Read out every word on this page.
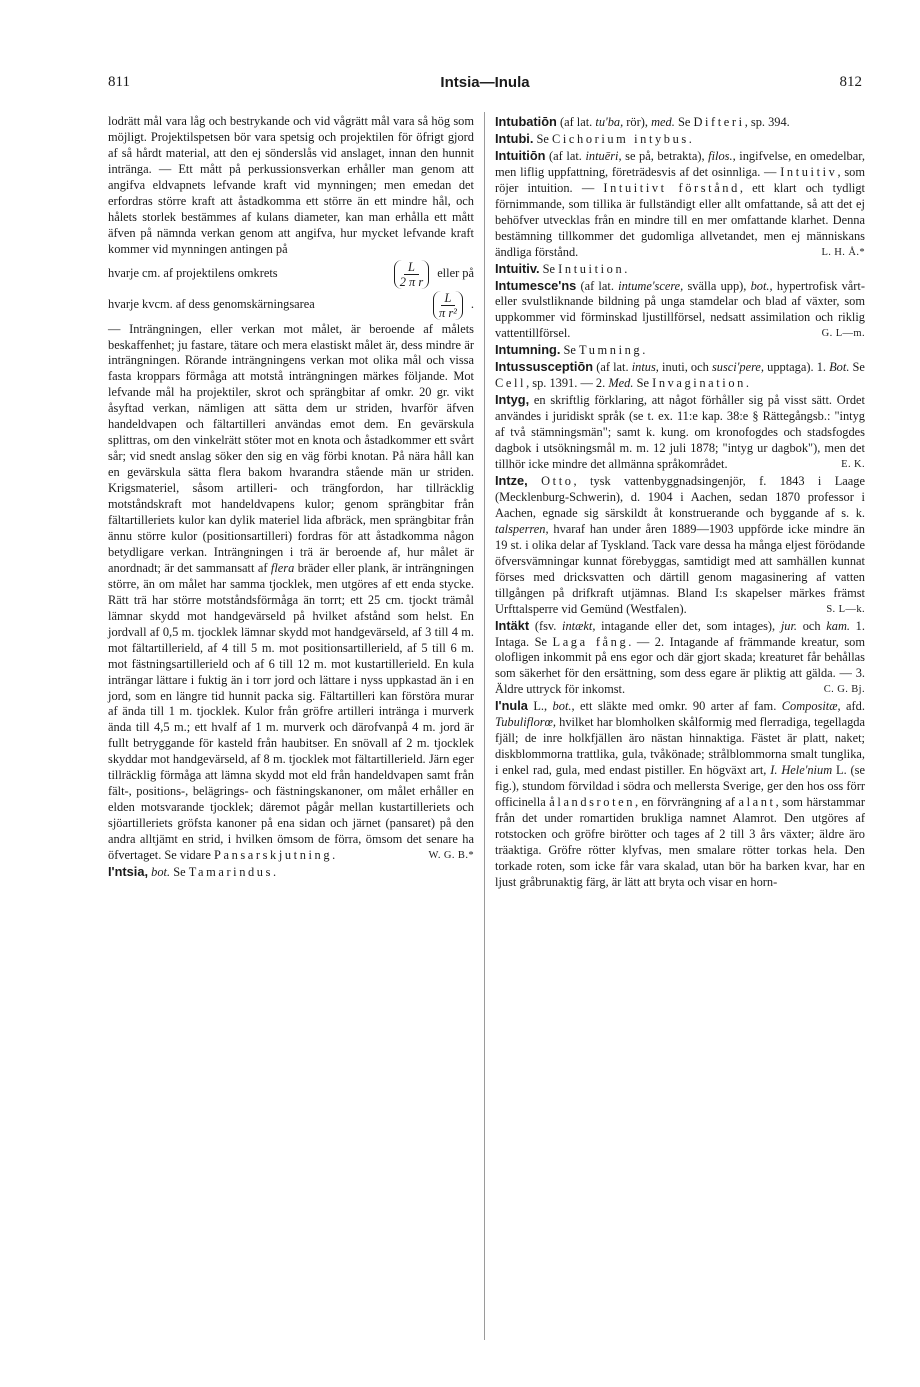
811	Intsia—Inula	812

lodrätt mål vara låg och bestrykande och vid vågrätt mål vara så hög som möjligt. Projektilspetsen bör vara spetsig och projektilen för öfrigt gjord af så hårdt material, att den ej sönderslås vid anslaget, innan den hunnit intränga. — Ett mått på perkussionsverkan erhåller man genom att angifva eldvapnets lefvande kraft vid mynningen; men emedan det erfordras större kraft att åstadkomma ett större än ett mindre hål, och hålets storlek bestämmes af kulans diameter, kan man erhålla ett mått äfven på nämnda verkan genom att angifva, hur mycket lefvande kraft kommer vid mynningen antingen på

hvarje cm. af projektilens omkrets	$\frac{L}{\text{2 π r}}$ eller på
hvarje kvcm. af dess genomskärningsarea	$\frac{L}{\text{π r²}}$ .

— Inträngningen, eller verkan mot målet, är beroende af målets beskaffenhet; ju fastare, tätare och mera elastiskt målet är, dess mindre är inträngningen. Rörande inträngningens verkan mot olika mål och vissa fasta kroppars förmåga att motstå inträngningen märkes följande. Mot lefvande mål ha projektiler, skrot och sprängbitar af omkr. 20 gr. vikt åsyftad verkan, nämligen att sätta dem ur striden, hvarför äfven handeldvapen och fältartilleri användas emot dem. En gevärskula splittras, om den vinkelrätt stöter mot en knota och åstadkommer ett svårt sår; vid snedt anslag söker den sig en väg förbi knotan. På nära håll kan en gevärskula sätta flera bakom hvarandra stående män ur striden. Krigsmateriel, såsom artilleri- och trängfordon, har tillräcklig motståndskraft mot handeldvapens kulor; genom sprängbitar från fältartilleriets kulor kan dylik materiel lida afbräck, men sprängbitar från ännu större kulor (positionsartilleri) fordras för att åstadkomma någon betydligare verkan. Inträngningen i trä är beroende af, hur målet är anordnadt; är det sammansatt af flera bräder eller plank, är inträngningen större, än om målet har samma tjocklek, men utgöres af ett enda stycke. Rätt trä har större motståndsförmåga än torrt; ett 25 cm. tjockt trämål lämnar skydd mot handgevärseld på hvilket afstånd som helst. En jordvall af 0,5 m. tjocklek lämnar skydd mot handgevärseld, af 3 till 4 m. mot fältartillerield, af 4 till 5 m. mot positionsartillerield, af 5 till 6 m. mot fästningsartillerield och af 6 till 12 m. mot kustartillerield. En kula inträngar lättare i fuktig än i torr jord och lättare i nyss uppkastad än i en jord, som en längre tid hunnit packa sig. Fältartilleri kan förstöra murar af ända till 1 m. tjocklek. Kulor från gröfre artilleri intränga i murverk ända till 4,5 m.; ett hvalf af 1 m. murverk och därofvanpå 4 m. jord är fullt betryggande för kasteld från haubitser. En snövall af 2 m. tjocklek skyddar mot handgevärseld, af 8 m. tjocklek mot fältartillerield. Järn eger tillräcklig förmåga att lämna skydd mot eld från handeldvapen samt från fält-, positions-, belägrings- och fästningskanoner, om målet erhåller en elden motsvarande tjocklek; däremot pågår mellan kustartilleriets och sjöartilleriets gröfsta kanoner på ena sidan och järnet (pansaret) på den andra alltjämt en strid, i hvilken ömsom de förra, ömsom det senare ha öfvertaget. Se vidare Pansarskjutning.	W. G. B.*

I'ntsia, bot. Se Tamarindus.

Intubatiōn (af lat. tu'ba, rör), med. Se Difteri, sp. 394.

Intubi. Se Cichorium intybus.

Intuitiōn (af lat. intuēri, se på, betrakta), filos., ingifvelse, en omedelbar, men liflig uppfattning, företrädesvis af det osinnliga. — Intuitiv, som röjer intuition. — Intuitivt förstånd, ett klart och tydligt förnimmande, som tillika är fullständigt eller allt omfattande, så att det ej behöfver utvecklas från en mindre till en mer omfattande klarhet. Denna bestämning tillkommer det gudomliga allvetandet, men ej människans ändliga förstånd.	L. H. Å.*

Intuitiv. Se Intuition.

Intumesce'ns (af lat. intume'scere, svälla upp), bot., hypertrofisk vårt- eller svulstliknande bildning på unga stamdelar och blad af växter, som uppkommer vid förminskad ljustillförsel, nedsatt assimilation och riklig vattentillförsel.	G. L—m.

Intumning. Se Tumning.

Intussusceptiōn (af lat. intus, inuti, och susci'pere, upptaga). 1. Bot. Se Cell, sp. 1391. — 2. Med. Se Invagination.

Intyg, en skriftlig förklaring, att något förhåller sig på visst sätt. Ordet användes i juridiskt språk (se t. ex. 11:e kap. 38:e § Rättegångsb.: "intyg af två stämningsmän"; samt k. kung. om kronofogdes och stadsfogdes dagbok i utsökningsmål m. m. 12 juli 1878; "intyg ur dagbok"), men det tillhör icke mindre det allmänna språkområdet.	E. K.

Intze, Otto, tysk vattenbyggnadsingenjör, f. 1843 i Laage (Mecklenburg-Schwerin), d. 1904 i Aachen, sedan 1870 professor i Aachen, egnade sig särskildt åt konstruerande och byggande af s. k. talsperren, hvaraf han under åren 1889—1903 uppförde icke mindre än 19 st. i olika delar af Tyskland. Tack vare dessa ha många eljest förödande öfversvämningar kunnat förebyggas, samtidigt med att samhällen kunnat förses med dricksvatten och därtill genom magasinering af vatten tillgången på drifkraft utjämnas. Bland I:s skapelser märkes främst Urfttalsperre vid Gemünd (Westfalen).	S. L—k.

Intäkt (fsv. intækt, intagande eller det, som intages), jur. och kam. 1. Intaga. Se Laga fång. — 2. Intagande af främmande kreatur, som olofligen inkommit på ens egor och där gjort skada; kreaturet får behållas som säkerhet för den ersättning, som dess egare är pliktig att gälda. — 3. Äldre uttryck för inkomst.	C. G. Bj.

I'nula L., bot., ett släkte med omkr. 90 arter af fam. Compositæ, afd. Tubuliflorœ, hvilket har blomholken skålformig med flerradiga, tegellagda fjäll; de inre holkfjällen äro nästan hinnaktiga. Fästet är platt, naket; diskblommorna trattlika, gula, tvåkönade; strålblommorna smalt tunglika, i enkel rad, gula, med endast pistiller. En högväxt art, I. Hele'nium L. (se fig.), stundom förvildad i södra och mellersta Sverige, ger den hos oss förr officinella ålandsroten, en förvrängning af alant, som härstammar från det under romartiden brukliga namnet Alamrot. Den utgöres af rotstocken och gröfre birötter och tages af 2 till 3 års växter; äldre äro träaktiga. Gröfre rötter klyfvas, men smalare rötter torkas hela. Den torkade roten, som icke får vara skalad, utan bör ha barken kvar, har en ljust gråbrunaktig färg, är lätt att bryta och visar en horn-
